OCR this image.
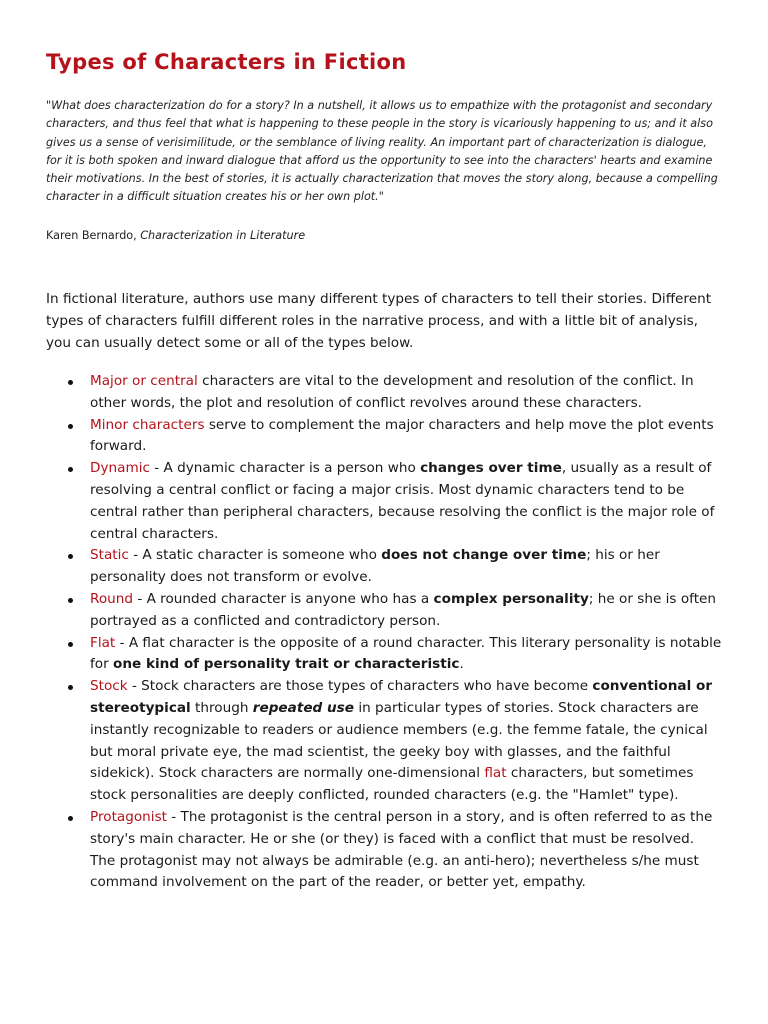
Types of Characters in Fiction
"What does characterization do for a story? In a nutshell, it allows us to empathize with the protagonist and secondary characters, and thus feel that what is happening to these people in the story is vicariously happening to us; and it also gives us a sense of verisimilitude, or the semblance of living reality. An important part of characterization is dialogue, for it is both spoken and inward dialogue that afford us the opportunity to see into the characters' hearts and examine their motivations. In the best of stories, it is actually characterization that moves the story along, because a compelling character in a difficult situation creates his or her own plot."
Karen Bernardo, Characterization in Literature
In fictional literature, authors use many different types of characters to tell their stories. Different types of characters fulfill different roles in the narrative process, and with a little bit of analysis, you can usually detect some or all of the types below.
Major or central characters are vital to the development and resolution of the conflict. In other words, the plot and resolution of conflict revolves around these characters.
Minor characters serve to complement the major characters and help move the plot events forward.
Dynamic - A dynamic character is a person who changes over time, usually as a result of resolving a central conflict or facing a major crisis. Most dynamic characters tend to be central rather than peripheral characters, because resolving the conflict is the major role of central characters.
Static - A static character is someone who does not change over time; his or her personality does not transform or evolve.
Round - A rounded character is anyone who has a complex personality; he or she is often portrayed as a conflicted and contradictory person.
Flat - A flat character is the opposite of a round character. This literary personality is notable for one kind of personality trait or characteristic.
Stock - Stock characters are those types of characters who have become conventional or stereotypical through repeated use in particular types of stories. Stock characters are instantly recognizable to readers or audience members (e.g. the femme fatale, the cynical but moral private eye, the mad scientist, the geeky boy with glasses, and the faithful sidekick). Stock characters are normally one-dimensional flat characters, but sometimes stock personalities are deeply conflicted, rounded characters (e.g. the "Hamlet" type).
Protagonist - The protagonist is the central person in a story, and is often referred to as the story's main character. He or she (or they) is faced with a conflict that must be resolved. The protagonist may not always be admirable (e.g. an anti-hero); nevertheless s/he must command involvement on the part of the reader, or better yet, empathy.
